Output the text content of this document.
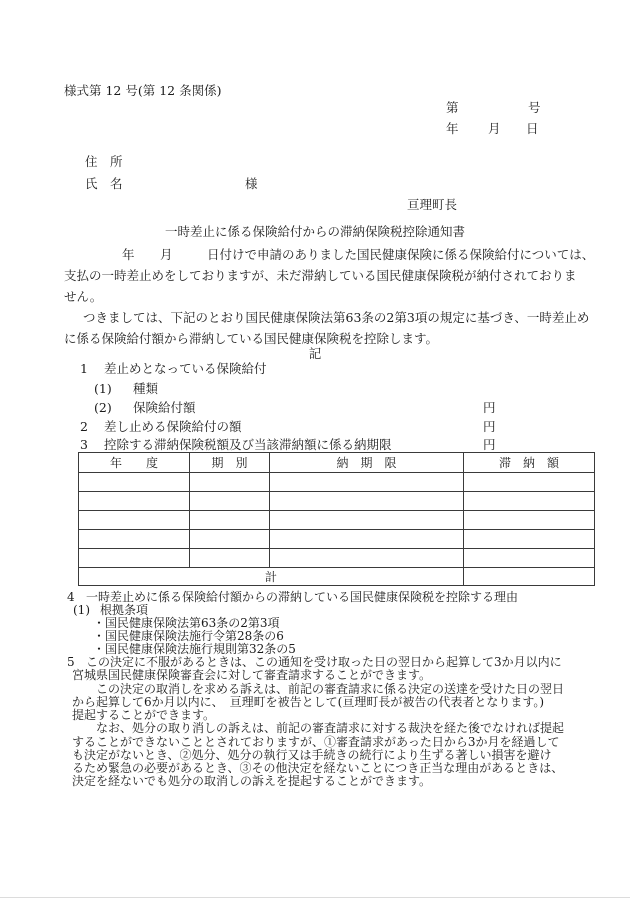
様式第 12 号(第 12 条関係)
第	号
年 月 日
住　所
氏　名	様
亘理町長
一時差止に係る保険給付からの滞納保険税控除通知書
年 月	日付けで申請のありました国民健康保険に係る保険給付については、
支払の一時差止めをしておりますが、未だ滞納している国民健康保険税が納付されておりま
せん。
つきましては、下記のとおり国民健康保険法第63条の2第3項の規定に基づき、一時差止め
に係る保険給付額から滞納している国民健康保険税を控除します。
記
1 差止めとなっている保険給付
(1) 種類
(2) 保険給付額	円
2 差し止める保険給付の額	円
3 控除する滞納保険税額及び当該滞納額に係る納期限	円
年　　度	期　別	納　期　限	滞　納　額

計			
4 一時差止めに係る保険給付額からの滞納している国民健康保険税を控除する理由
(1) 根拠条項
・国民健康保険法第63条の2第3項
・国民健康保険法施行令第28条の6
・国民健康保険法施行規則第32条の5
5 この決定に不服があるときは、この通知を受け取った日の翌日から起算して3か月以内に
宮城県国民健康保険審査会に対して審査請求することができます。
この決定の取消しを求める訴えは、前記の審査請求に係る決定の送達を受けた日の翌日
から起算して6か月以内に、　亘理町を被告として(亘理町長が被告の代表者となります。)
提起することができます。
なお、処分の取り消しの訴えは、前記の審査請求に対する裁決を経た後でなければ提起
することができないこととされておりますが、①審査請求があった日から3か月を経過して
も決定がないとき、②処分、処分の執行又は手続きの続行により生ずる著しい損害を避け
るため緊急の必要があるとき、③その他決定を経ないことにつき正当な理由があるときは、
決定を経ないでも処分の取消しの訴えを提起することができます。
